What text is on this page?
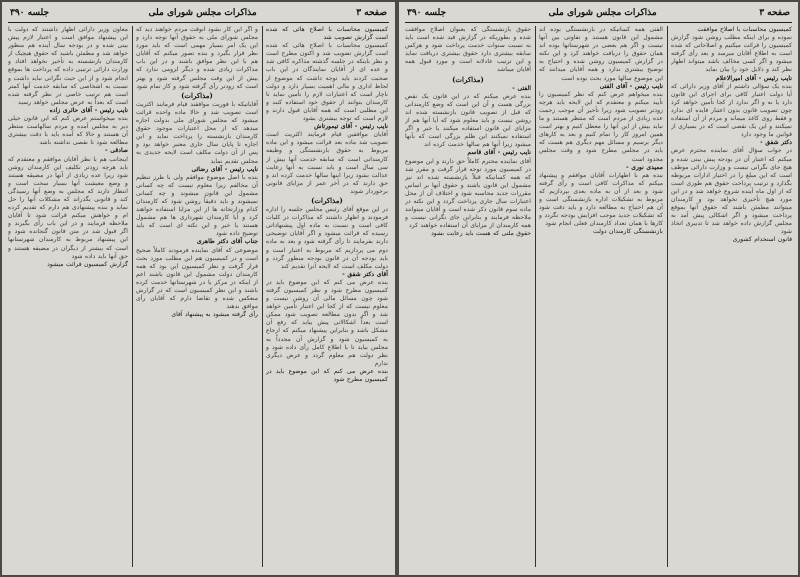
صفحه ۳
مذاکرات مجلس شورای ملی
جلسه ۳۹۰

کمیسیون محاسبات با اصلاح هائی که شده است گزارش تصویب شد

کمیسیون محاسبات با اصلاح هائی که شده است گزارش تصویب شد و اکنون مطرح است و نظر باینکه در جلسه گذشته مذاکره کافی شد و عده ای از آقایان نمایندگان در این باب صحبت کردند باید توجه داشت که موضوع از لحاظ اداری و مالی اهمیت بسیار دارد و دولت ناچار است که اعتبارات لازم را تأمین نماید تا کارمندان بتوانند از حقوق خود استفاده کنند و این مطلبی است که همه آقایان قبول دارند و لازم است که توجه بیشتری بشود

نایب رئیس - آقای تیمورتاش

آقایان موافقین قیام فرمایند اکثریت است تصویب شد ماده بعد قرائت میشود و این ماده مربوط به حقوق بازنشستگی و وظیفه کارمندانی است که سابقه خدمت آنها بیش از سی سال است و باید نسبت به آنها رعایت عدالت بشود زیرا اینها سالها خدمت کرده اند و حق دارند که در آخر عمر از مزایای قانونی برخوردار شوند

(مذاکرات)

در این موقع آقای رئیس مجلس جلسه را اداره فرمودند و اظهار داشتند که مذاکرات در کلیات کافی است و نسبت به ماده اول پیشنهاداتی رسیده که قرائت میشود و اگر آقایان توضیحی دارند بفرمایند تا رأی گرفته شود و بعد به ماده دوم می پردازیم که مربوط به اعتبار است و باید بودجه آن در قانون بودجه منظور گردد و دولت مکلف است که لایحه آنرا تقدیم کند

آقای دکتر شفق -

بنده عرض می کنم که این موضوع باید در کمیسیون مطرح شود و نظر کمیسیون گرفته شود چون مسائل مالی آن روشن نیست و معلوم نیست که از کجا این اعتبار تأمین خواهد شد و اگر بدون مطالعه تصویب شود ممکن است بعداً اشکالاتی پیش بیاید که رفع آن مشکل باشد و بنابراین پیشنهاد میکنم که ارجاع به کمیسیون شود و گزارش آن مجدداً به مجلس بیاید تا با اطلاع کامل رأی داده شود و نظر دولت هم معلوم گردد و عرض دیگری ندارم

بنده عرض می کنم که این موضوع باید در کمیسیون مطرح شود

و اگر این کار بشود آنوقت مردم خواهند دید که مجلس شورای ملی به حقوق آنها توجه دارد و این یک امر بسیار مهمی است که باید مورد نظر قرار بگیرد و بنده تصور میکنم که آقایان هم با این نظر موافق باشند و در این باب مذاکرات زیادی شده و دیگر لزومی ندارد که بیش از این وقت مجلس گرفته شود و بهتر است که زودتر رأی گرفته شود و کار تمام شود

(مذاکرات)

آقایانیکه با فوریت موافقند قیام فرمایند اکثریت است تصویب شد و حالا ماده واحده قرائت میشود که مجلس شورای ملی بدولت اجازه میدهد که از محل اعتبارات موجود حقوق کارمندان بازنشسته را پرداخت نماید و این اجازه تا پایان سال جاری معتبر خواهد بود و پس از آن دولت مکلف است لایحه جدیدی به مجلس تقدیم نماید

نایب رئیس - آقای رضائی

بنده با اصل موضوع موافقم ولی با طرز تنظیم آن مخالفم زیرا معلوم نیست که چه کسانی مشمول این قانون میشوند و چه کسانی نمیشوند و باید دقیقاً روشن شود که کارمندان کدام وزارتخانه ها از این مزایا استفاده خواهند کرد و آیا کارمندان شهرداری ها هم مشمول هستند یا خیر و این نکته ای است که باید توضیح داده شود

جناب آقای دکتر طاهری

موضوعی که آقای نماینده فرمودند کاملاً صحیح است و در کمیسیون هم این مطلب مورد بحث قرار گرفت و نظر کمیسیون این بود که همه کارمندان دولت مشمول این قانون باشند اعم از اینکه در مرکز یا در شهرستانها خدمت کرده باشند و این نظر کمیسیون است که در گزارش منعکس شده و تقاضا دارم که آقایان رأی موافق بدهند

رأی گرفته میشود به پیشنهاد آقای

معاون وزیر دارائی اظهار داشتند که دولت با این پیشنهاد موافق است و اعتبار لازم پیش بینی شده و در بودجه سال آینده هم منظور خواهد شد و مطمئن باشید که حقوق هیچیک از کارمندان بازنشسته به تأخیر نخواهد افتاد و وزارت دارائی ترتیبی داده که پرداخت ها بموقع انجام شود و از این حیث نگرانی نباید داشت و نسبت به اشخاصی که سابقه خدمت آنها کمتر است هم ترتیب خاصی در نظر گرفته شده است که بعداً به عرض مجلس خواهد رسید

نایب رئیس - آقای حائری زاده

بنده میخواستم عرض کنم که این قانون خیلی دیر به مجلس آمده و مردم سالهاست منتظر آن هستند و حالا که آمده باید با دقت بیشتری مطالعه شود تا نقصی نداشته باشد

صادقی -

اینجانب هم با نظر آقایان موافقم و معتقدم که باید هرچه زودتر تکلیف این کارمندان روشن شود زیرا عده زیادی از آنها در مضیقه هستند و وضع معیشت آنها بسیار سخت است و انتظار دارند که مجلس به وضع آنها رسیدگی کند و قانونی بگذراند که مشکلات آنها را حل نماید و بنده پیشنهادی هم دارم که تقدیم کرده ام و خواهش میکنم قرائت شود تا آقایان ملاحظه فرمایند و در این باب رأی بگیرند و اگر قبول شد در متن قانون گنجانده شود و این پیشنهاد مربوط به کارمندان شهرستانها است که بیشتر از دیگران در مضیقه هستند و حق آنها باید داده شود

گزارش کمیسیون قرائت میشود

صفحه ۳
مذاکرات مجلس شورای ملی
جلسه ۳۹۰

کمیسیون محاسبات با اصلاح موافقت

نموده و برای اینکه مطلب روشن شود گزارش کمیسیون را قرائت میکنیم و اصلاحاتی که شده است به اطلاع آقایان میرسد و بعد رأی گرفته میشود و اگر کسی مخالف باشد میتواند اظهار نظر کند و دلایل خود را بیان نماید

نایب رئیس - آقای امیرالاعلام

بنده یک سؤالی داشتم از آقای وزیر دارائی که آیا دولت اعتبار کافی برای اجرای این قانون دارد یا نه و اگر ندارد از کجا تأمین خواهد کرد چون تصویب قانون بدون اعتبار فایده ای ندارد و فقط روی کاغذ میماند و مردم از آن استفاده نمیکنند و این یک نقصی است که در بسیاری از قوانین ما وجود دارد

دکتر شفق -

در جواب سؤال آقای نماینده محترم عرض میکنم که اعتبار آن در بودجه پیش بینی شده و هیچ جای نگرانی نیست و وزارت دارائی موظف است که این مبلغ را در اختیار ادارات مربوطه بگذارد و ترتیب پرداخت حقوق هم طوری است که از اول ماه آینده شروع خواهد شد و در این مورد هیچ تأخیری نخواهد بود و کارمندان میتوانند مطمئن باشند که حقوق آنها بموقع پرداخت میشود و اگر اشکالی پیش آمد به مجلس گزارش داده خواهد شد تا تدبیری اتخاذ شود

قانون استخدام کشوری

الفتی همه کسانیکه در بازنشستگی بوده اند مشمول این قانون هستند و تفاوتی بین آنها نیست و اگر هم بعضی در شهرستانها بوده اند همان حقوق را دریافت خواهند کرد و این نکته در گزارش کمیسیون روشن شده و احتیاج به توضیح بیشتری ندارد و همه آقایان میدانند که این موضوع سالها مورد بحث بوده است

نایب رئیس - آقای الفتی

بنده میخواهم عرض کنم که نظر کمیسیون را تأیید میکنم و معتقدم که این لایحه باید هرچه زودتر تصویب شود زیرا تأخیر آن موجب زحمت عده زیادی از مردم است که منتظر هستند و ما نباید بیش از این آنها را معطل کنیم و بهتر است همین امروز کار را تمام کنیم و بعد به کارهای دیگر برسیم و مسائل مهم دیگری هم هست که باید در مجلس مطرح شود و وقت مجلس محدود است

ممیدی نوری -

بنده هم با اظهارات آقایان موافقم و پیشنهاد میکنم که مذاکرات کافی است و رأی گرفته شود و بعد از آن به ماده بعدی بپردازیم که مربوط به تشکیلات اداره بازنشستگی است و آن هم احتیاج به مطالعه دارد و باید دقت شود که تشکیلات جدید موجب افزایش بودجه نگردد و کارها با همان تعداد کارمندان فعلی انجام شود

بازنشستگی کارمندان دولت

حقوق بازنشستگی که بعنوان اصلاح موافقت شده و بطوریکه در گزارش قید شده است باید به نسبت سنوات خدمت پرداخت شود و هرکس سابقه بیشتری دارد حقوق بیشتری دریافت نماید و این ترتیب عادلانه است و مورد قبول همه آقایان میباشد

(مذاکرات)

الفتی -

بنده عرض میکنم که در این قانون یک نقص بزرگی هست و آن این است که وضع کارمندانی که قبل از تصویب قانون بازنشسته شده اند روشن نیست و باید معلوم شود که آیا آنها هم از مزایای این قانون استفاده میکنند یا خیر و اگر استفاده نمیکنند این ظلم بزرگی است که بآنها میشود زیرا آنها هم سالها خدمت کرده اند

نایب رئیس - آقای قاسم

آقای نماینده محترم کاملاً حق دارند و این موضوع در کمیسیون مورد توجه قرار گرفت و مقرر شد که همه کسانیکه قبلاً بازنشسته شده اند نیز مشمول این قانون باشند و حقوق آنها بر اساس مقررات جدید محاسبه شود و اختلاف آن از محل اعتبارات سال جاری پرداخت گردد و این نکته در ماده سوم قانون ذکر شده است و آقایان میتوانند ملاحظه فرمایند و بنابراین جای نگرانی نیست و همه کارمندان از مزایای آن استفاده خواهند کرد

حقوق ملتی که هست باید رعایت بشود
